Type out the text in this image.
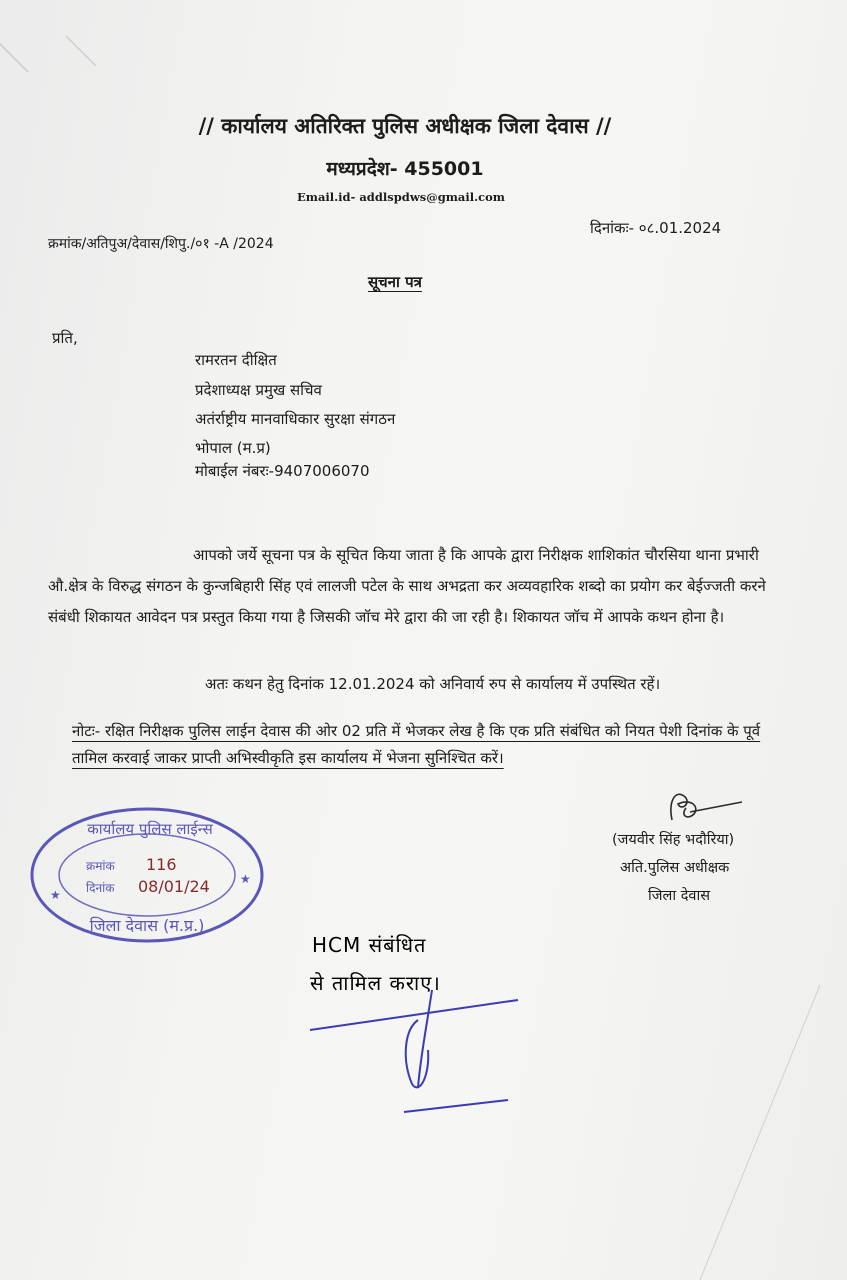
// कार्यालय अतिरिक्त पुलिस अधीक्षक जिला देवास //
मध्यप्रदेश- 455001
Email.id- addlspdws@gmail.com
क्रमांक/अतिपुअ/देवास/शिपु./०१ -A /2024
दिनांकः- ०८.01.2024
सूचना पत्र
प्रति,
रामरतन दीक्षित
प्रदेशाध्यक्ष प्रमुख सचिव
अतंर्राष्ट्रीय मानवाधिकार सुरक्षा संगठन
भोपाल (म.प्र)
मोबाईल नंबरः-9407006070
आपको जर्ये सूचना पत्र के सूचित किया जाता है कि आपके द्वारा निरीक्षक शाशिकांत चौरसिया थाना प्रभारी औ.क्षेत्र के विरुद्ध संगठन के कुन्जबिहारी सिंह एवं लालजी पटेल के साथ अभद्रता कर अव्यवहारिक शब्दो का प्रयोग कर बेईज्जती करने संबंधी शिकायत आवेदन पत्र प्रस्तुत किया गया है जिसकी जॉच मेरे द्वारा की जा रही है। शिकायत जॉच में आपके कथन होना है।
अतः कथन हेतु दिनांक 12.01.2024 को अनिवार्य रुप से कार्यालय में उपस्थित रहें।
नोटः- रक्षित निरीक्षक पुलिस लाईन देवास की ओर 02 प्रति में भेजकर लेख है कि एक प्रति संबंधित को नियत पेशी दिनांक के पूर्व तामिल करवाई जाकर प्राप्ती अभिस्वीकृति इस कार्यालय में भेजना सुनिश्चित करें।
(जयवीर सिंह भदौरिया)
अति.पुलिस अधीक्षक
जिला देवास
कार्यालय पुलिस लाईन्स
क्रमांक 116
दिनांक 08/01/24
जिला देवास (म.प्र.)
★
★
HCM संबंधित
से तामिल कराए।
